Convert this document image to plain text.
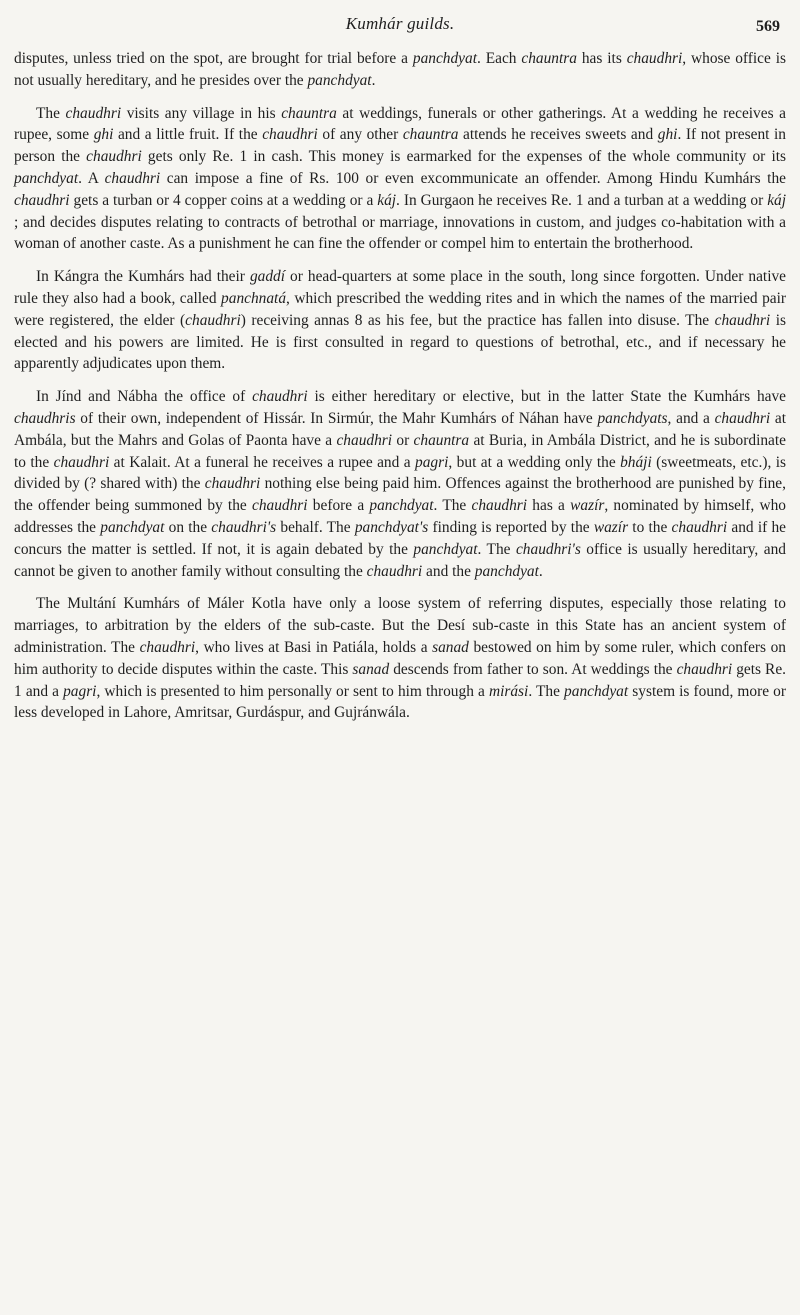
Kumhár guilds.	569

disputes, unless tried on the spot, are brought for trial before a panchdyat. Each chauntra has its chaudhri, whose office is not usually hereditary, and he presides over the panchdyat.

The chaudhri visits any village in his chauntra at weddings, funerals or other gatherings. At a wedding he receives a rupee, some ghi and a little fruit. If the chaudhri of any other chauntra attends he receives sweets and ghi. If not present in person the chaudhri gets only Re. 1 in cash. This money is earmarked for the expenses of the whole community or its panchdyat. A chaudhri can impose a fine of Rs. 100 or even excommunicate an offender. Among Hindu Kumhárs the chaudhri gets a turban or 4 copper coins at a wedding or a káj. In Gurgaon he receives Re. 1 and a turban at a wedding or káj ; and decides disputes relating to contracts of betrothal or marriage, innovations in custom, and judges co-habitation with a woman of another caste. As a punishment he can fine the offender or compel him to entertain the brotherhood.

In Kángra the Kumhárs had their gaddí or head-quarters at some place in the south, long since forgotten. Under native rule they also had a book, called panchnatá, which prescribed the wedding rites and in which the names of the married pair were registered, the elder (chaudhri) receiving annas 8 as his fee, but the practice has fallen into disuse. The chaudhri is elected and his powers are limited. He is first consulted in regard to questions of betrothal, etc., and if necessary he apparently adjudicates upon them.

In Jínd and Nábha the office of chaudhri is either hereditary or elective, but in the latter State the Kumhárs have chaudhris of their own, independent of Hissár. In Sirmúr, the Mahr Kumhárs of Náhan have panchdyats, and a chaudhri at Ambála, but the Mahrs and Golas of Paonta have a chaudhri or chauntra at Buria, in Ambála District, and he is subordinate to the chaudhri at Kalait. At a funeral he receives a rupee and a pagri, but at a wedding only the bháji (sweetmeats, etc.), is divided by (? shared with) the chaudhri nothing else being paid him. Offences against the brotherhood are punished by fine, the offender being summoned by the chaudhri before a panchdyat. The chaudhri has a wazír, nominated by himself, who addresses the panchdyat on the chaudhri's behalf. The panchdyat's finding is reported by the wazír to the chaudhri and if he concurs the matter is settled. If not, it is again debated by the panchdyat. The chaudhri's office is usually hereditary, and cannot be given to another family without consulting the chaudhri and the panchdyat.

The Multání Kumhárs of Máler Kotla have only a loose system of referring disputes, especially those relating to marriages, to arbitration by the elders of the sub-caste. But the Desí sub-caste in this State has an ancient system of administration. The chaudhri, who lives at Basi in Patiála, holds a sanad bestowed on him by some ruler, which confers on him authority to decide disputes within the caste. This sanad descends from father to son. At weddings the chaudhri gets Re. 1 and a pagri, which is presented to him personally or sent to him through a mirási. The panchdyat system is found, more or less developed in Lahore, Amritsar, Gurdáspur, and Gujránwála.
